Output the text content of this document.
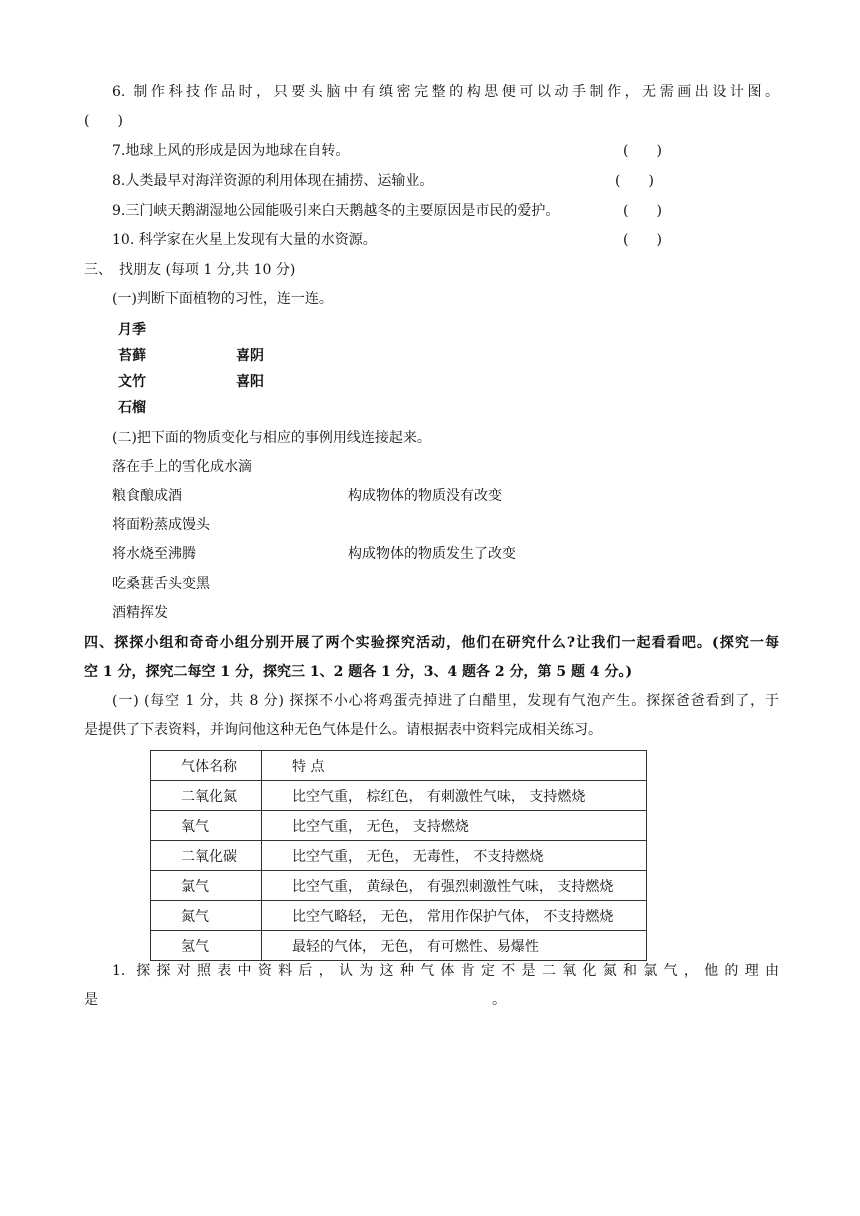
6. 制作科技作品时，只要头脑中有缜密完整的构思便可以动手制作，无需画出设计图。
(　　)
7.地球上风的形成是因为地球在自转。	(　　)
8.人类最早对海洋资源的利用体现在捕捞、运输业。	(　　)
9.三门峡天鹅湖湿地公园能吸引来白天鹅越冬的主要原因是市民的爱护。	(　　)
10. 科学家在火星上发现有大量的水资源。	(　　)
三、　找朋友 (每项 1 分,共 10 分)
(一)判断下面植物的习性，连一连。
月季
苔藓
文竹
石榴
喜阴
喜阳
(二)把下面的物质变化与相应的事例用线连接起来。
落在手上的雪化成水滴
粮食酿成酒
将面粉蒸成馒头
将水烧至沸腾
吃桑葚舌头变黑
酒精挥发
构成物体的物质没有改变
构成物体的物质发生了改变
四、探探小组和奇奇小组分别开展了两个实验探究活动，他们在研究什么?让我们一起看看吧。(探究一每
空 1 分，探究二每空 1 分，探究三 1、2 题各 1 分，3、4 题各 2 分，第 5 题 4 分。)
(一) (每空 1 分，共 8 分) 探探不小心将鸡蛋壳掉进了白醋里，发现有气泡产生。探探爸爸看到了，于
是提供了下表资料，并询问他这种无色气体是什么。请根据表中资料完成相关练习。
气体名称	特 点
二氧化氮	比空气重， 棕红色， 有刺激性气味， 支持燃烧
氧气	比空气重， 无色， 支持燃烧
二氧化碳	比空气重， 无色， 无毒性， 不支持燃烧
氯气	比空气重， 黄绿色， 有强烈刺激性气味， 支持燃烧
氮气	比空气略轻， 无色， 常用作保护气体， 不支持燃烧
氢气	最轻的气体， 无色， 有可燃性、易爆性
1. 探探对照表中资料后，认为这种气体肯定不是二氧化氮和氯气，他的理由
是	。
